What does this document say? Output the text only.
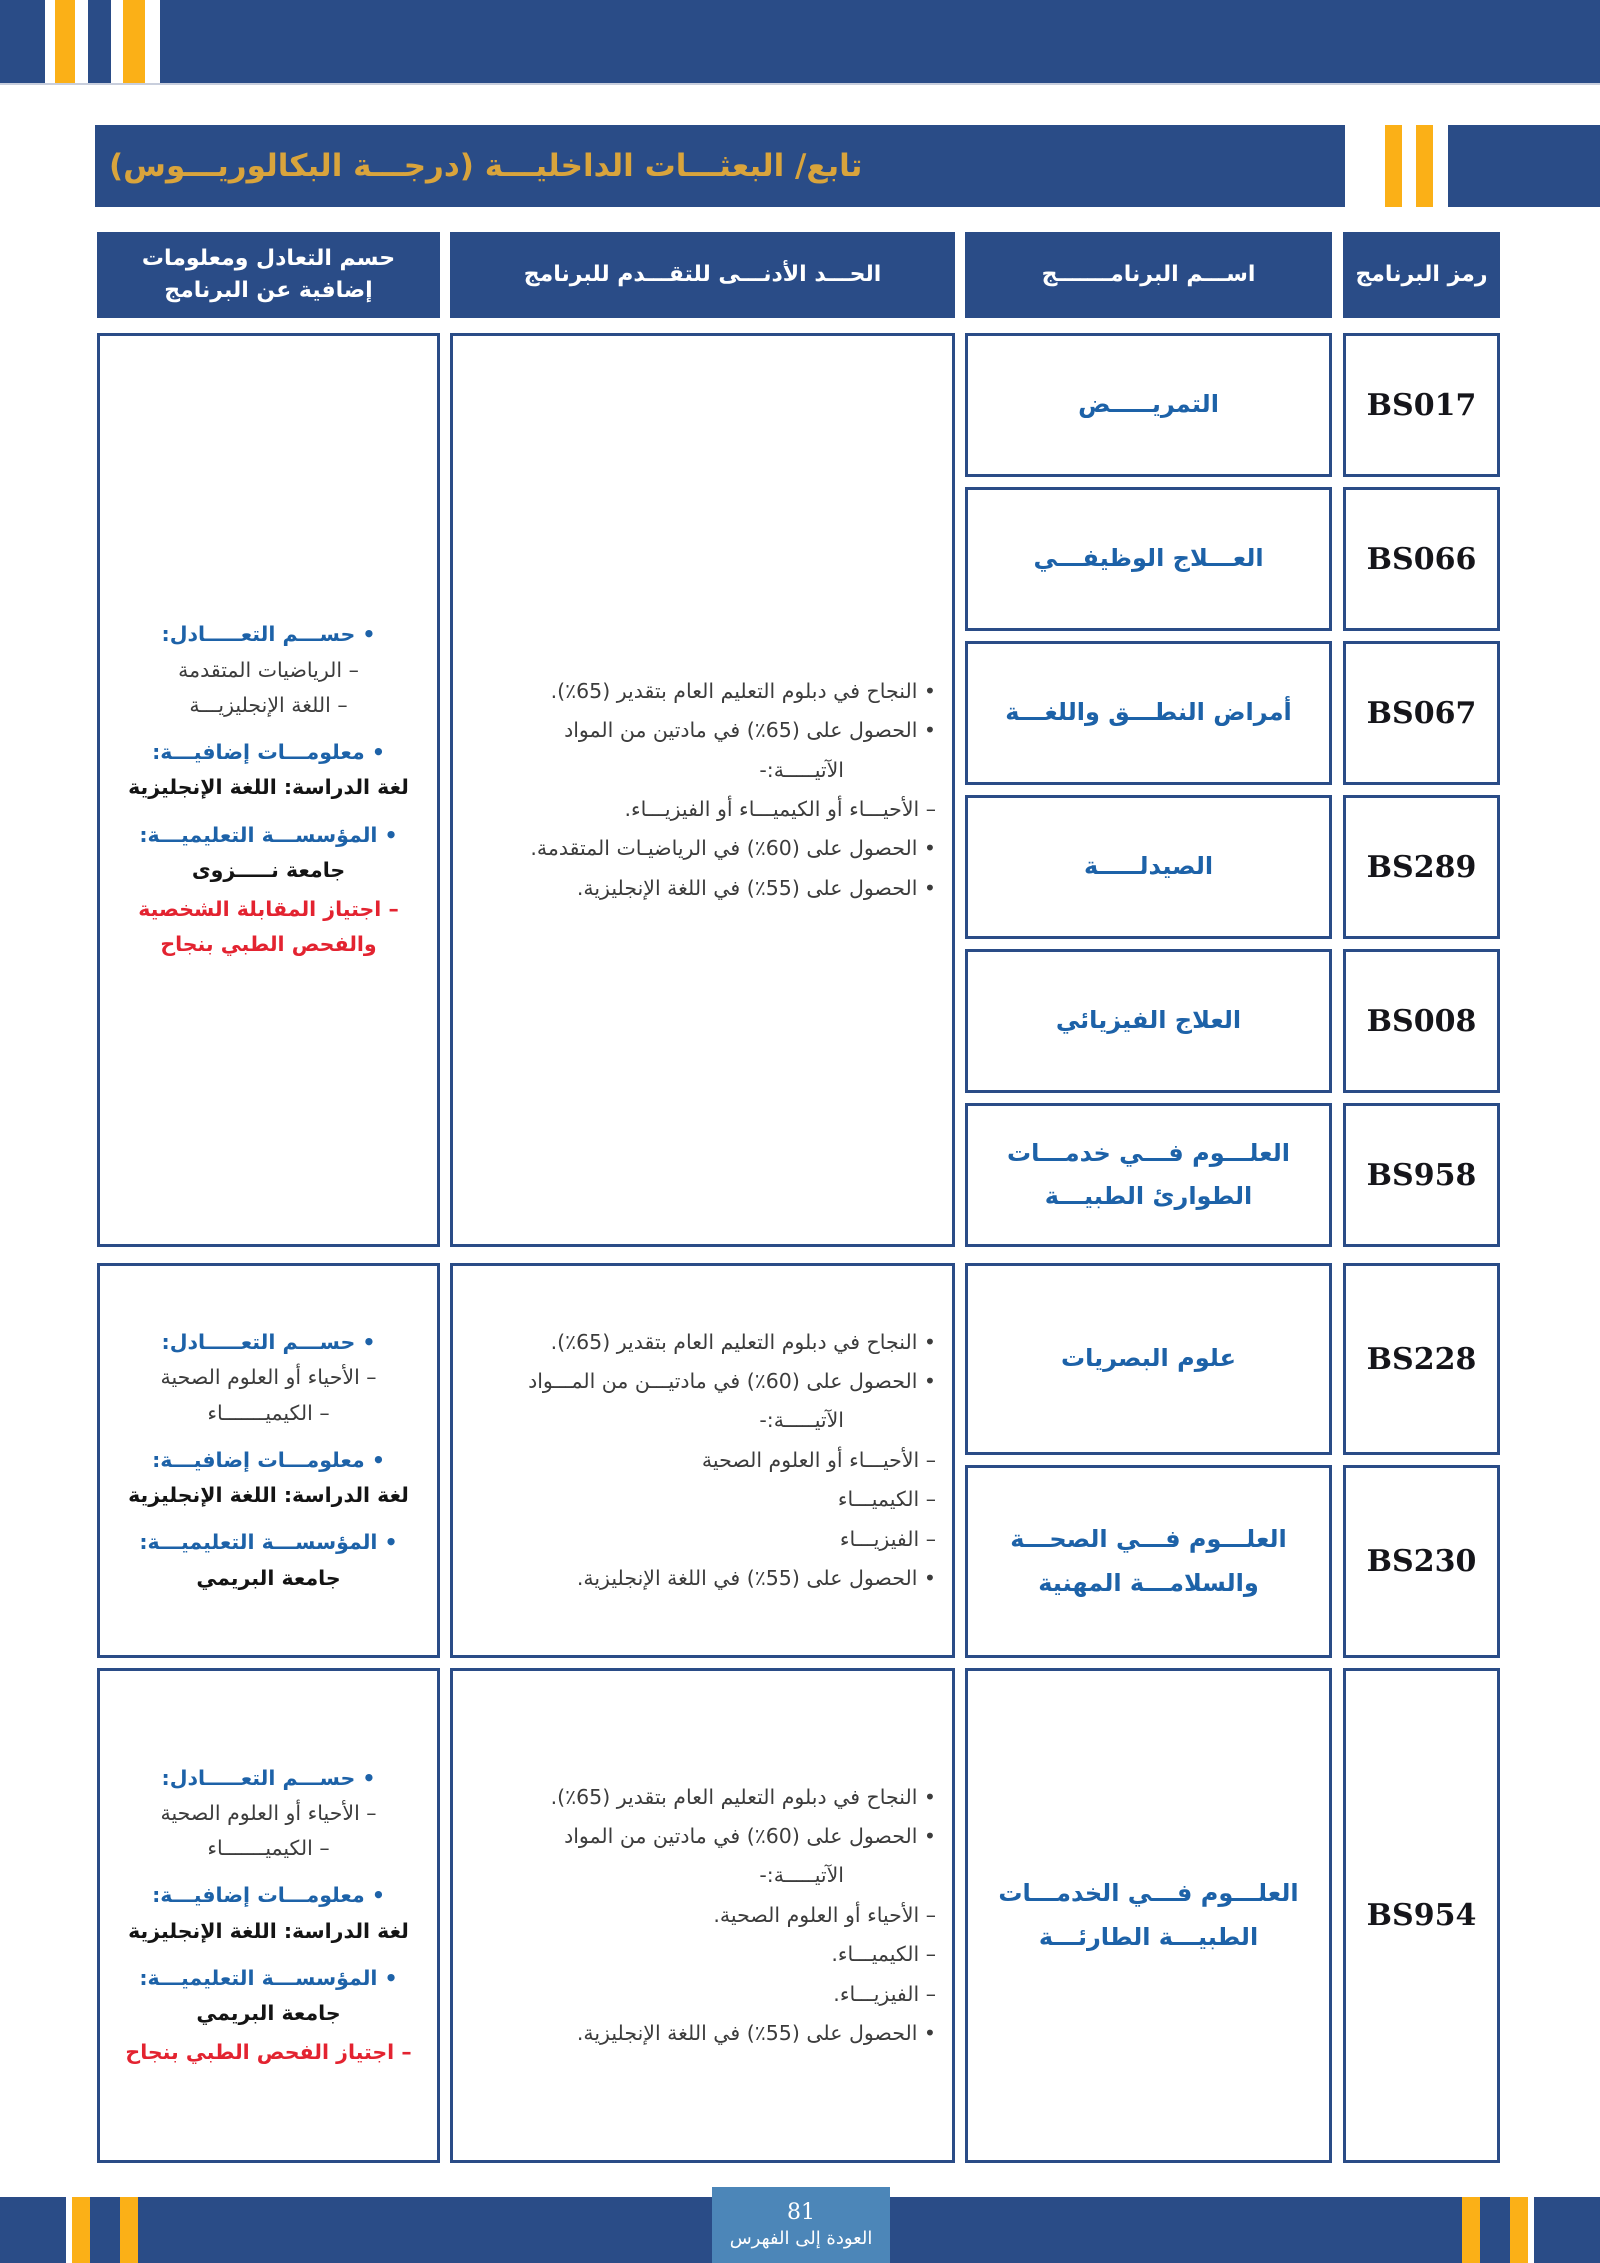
تابع/ البعثـــات الداخليـــة (درجـــة البكالوريـــوس)
رمز البرنامج
اســـم البرنامـــــــج
الحـــد الأدنـــى للتقـــدم للبرنامج
حسم التعادل ومعلومات إضافية عن البرنامج
BS017
BS066
BS067
BS289
BS008
BS958
التمريـــــض
العـــلاج الوظيفـــي
أمراض النطـــق واللغـــة
الصيدلـــــة
العلاج الفيزيائي
العلـــوم فـــي خدمـــات الطوارئ الطبيـــة
• النجاح في دبلوم التعليم العام بتقدير (65٪).
• الحصول على (65٪) في مادتين من المواد
الآتيـــــة:-
– الأحيـــاء أو الكيميـــاء أو الفيزيـــاء.
• الحصول على (60٪) في الرياضيـات المتقدمة.
• الحصول على (55٪) في اللغة الإنجليزية.
• حســـم التعـــــادل:
– الرياضيات المتقدمة
– اللغة الإنجليزيـــة
• معلومـــات إضافيـــة:
لغة الدراسة: اللغة الإنجليزية
• المؤسســـة التعليميـــة:
جامعة نـــــزوى
– اجتياز المقابلة الشخصية والفحص الطبي بنجاح
BS228
BS230
علوم البصريات
العلـــوم فـــي الصحـــة والسلامـــة المهنية
• النجاح في دبلوم التعليم العام بتقدير (65٪).
• الحصول على (60٪) في مادتيـــن من المـــواد
الآتيـــــة:-
– الأحيـــاء أو العلوم الصحية
– الكيميـــاء
– الفيزيـــاء
• الحصول على (55٪) في اللغة الإنجليزية.
• حســـم التعـــــادل:
– الأحياء أو العلوم الصحية
– الكيميـــــــاء
• معلومـــات إضافيـــة:
لغة الدراسة: اللغة الإنجليزية
• المؤسســـة التعليميـــة:
جامعة البريمي
BS954
العلـــوم فـــي الخدمـــات الطبيـــة الطارئـــة
• النجاح في دبلوم التعليم العام بتقدير (65٪).
• الحصول على (60٪) في مادتين من المواد
الآتيـــــة:-
– الأحياء أو العلوم الصحية.
– الكيميـــاء.
– الفيزيـــاء.
• الحصول على (55٪) في اللغة الإنجليزية.
• حســـم التعـــــادل:
– الأحياء أو العلوم الصحية
– الكيميـــــــاء
• معلومـــات إضافيـــة:
لغة الدراسة: اللغة الإنجليزية
• المؤسســـة التعليميـــة:
جامعة البريمي
– اجتياز الفحص الطبي بنجاح
81
العودة إلى الفهرس
